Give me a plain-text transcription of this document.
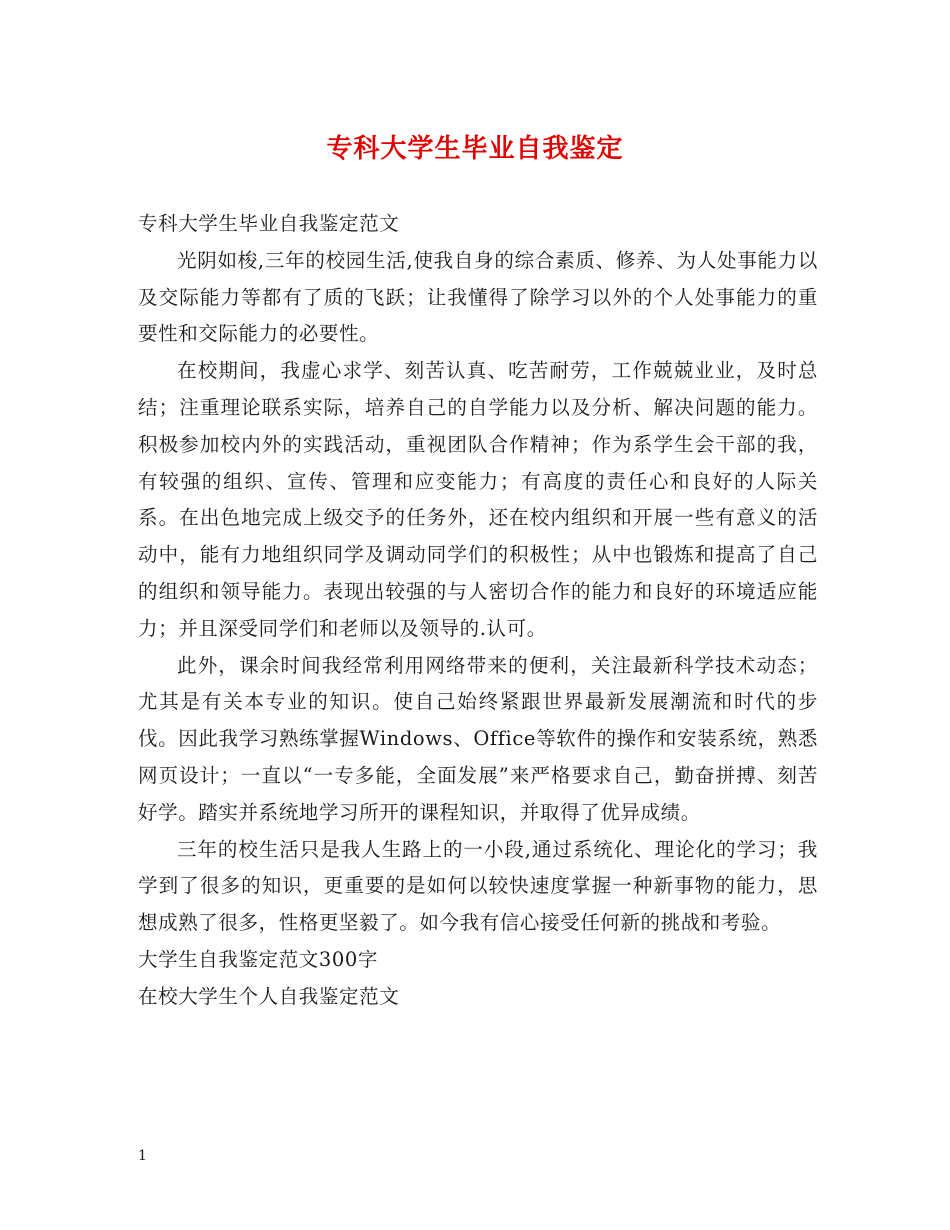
专科大学生毕业自我鉴定

专科大学生毕业自我鉴定范文

光阴如梭,三年的校园生活,使我自身的综合素质、修养、为人处事能力以及交际能力等都有了质的飞跃；让我懂得了除学习以外的个人处事能力的重要性和交际能力的必要性。

在校期间，我虚心求学、刻苦认真、吃苦耐劳，工作兢兢业业，及时总结；注重理论联系实际，培养自己的自学能力以及分析、解决问题的能力。积极参加校内外的实践活动，重视团队合作精神；作为系学生会干部的我，有较强的组织、宣传、管理和应变能力；有高度的责任心和良好的人际关系。在出色地完成上级交予的任务外，还在校内组织和开展一些有意义的活动中，能有力地组织同学及调动同学们的积极性；从中也锻炼和提高了自己的组织和领导能力。表现出较强的与人密切合作的能力和良好的环境适应能力；并且深受同学们和老师以及领导的.认可。

此外，课余时间我经常利用网络带来的便利，关注最新科学技术动态；尤其是有关本专业的知识。使自己始终紧跟世界最新发展潮流和时代的步伐。因此我学习熟练掌握Windows、Office等软件的操作和安装系统，熟悉网页设计；一直以“一专多能，全面发展”来严格要求自己，勤奋拼搏、刻苦好学。踏实并系统地学习所开的课程知识，并取得了优异成绩。

三年的校生活只是我人生路上的一小段,通过系统化、理论化的学习；我学到了很多的知识，更重要的是如何以较快速度掌握一种新事物的能力，思想成熟了很多，性格更坚毅了。如今我有信心接受任何新的挑战和考验。

大学生自我鉴定范文300字

在校大学生个人自我鉴定范文

1
